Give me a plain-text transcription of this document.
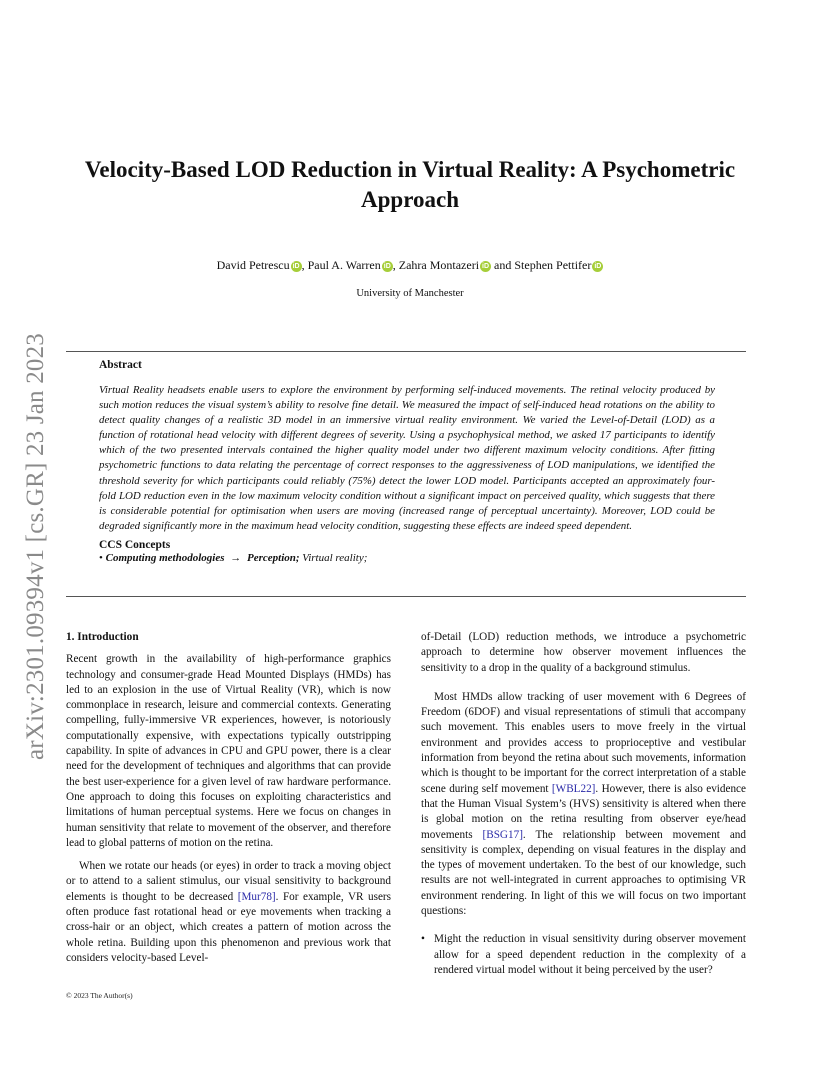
arXiv:2301.09394v1 [cs.GR] 23 Jan 2023
Velocity-Based LOD Reduction in Virtual Reality: A Psychometric Approach
David Petrescu iD , Paul A. Warren iD , Zahra Montazeri iD and Stephen Pettifer iD
University of Manchester
Abstract

Virtual Reality headsets enable users to explore the environment by performing self-induced movements. The retinal velocity produced by such motion reduces the visual system’s ability to resolve fine detail. We measured the impact of self-induced head rotations on the ability to detect quality changes of a realistic 3D model in an immersive virtual reality environment. We varied the Level-of-Detail (LOD) as a function of rotational head velocity with different degrees of severity. Using a psychophysical method, we asked 17 participants to identify which of the two presented intervals contained the higher quality model under two different maximum velocity conditions. After fitting psychometric functions to data relating the percentage of correct responses to the aggressiveness of LOD manipulations, we identified the threshold severity for which participants could reliably (75%) detect the lower LOD model. Participants accepted an approximately four-fold LOD reduction even in the low maximum velocity condition without a significant impact on perceived quality, which suggests that there is considerable potential for optimisation when users are moving (increased range of perceptual uncertainty). Moreover, LOD could be degraded significantly more in the maximum head velocity condition, suggesting these effects are indeed speed dependent.

CCS Concepts
• Computing methodologies → Perception; Virtual reality;
1. Introduction

Recent growth in the availability of high-performance graphics technology and consumer-grade Head Mounted Displays (HMDs) has led to an explosion in the use of Virtual Reality (VR), which is now commonplace in research, leisure and commercial contexts. Generating compelling, fully-immersive VR experiences, however, is notoriously computationally expensive, with expectations typically outstripping capability. In spite of advances in CPU and GPU power, there is a clear need for the development of techniques and algorithms that can provide the best user-experience for a given level of raw hardware performance. One approach to doing this focuses on exploiting characteristics and limitations of human perceptual systems. Here we focus on changes in human sensitivity that relate to movement of the observer, and therefore lead to global patterns of motion on the retina.

When we rotate our heads (or eyes) in order to track a moving object or to attend to a salient stimulus, our visual sensitivity to background elements is thought to be decreased [Mur78]. For example, VR users often produce fast rotational head or eye movements when tracking a cross-hair or an object, which creates a pattern of motion across the whole retina. Building upon this phenomenon and previous work that considers velocity-based Level-

of-Detail (LOD) reduction methods, we introduce a psychometric approach to determine how observer movement influences the sensitivity to a drop in the quality of a background stimulus.

Most HMDs allow tracking of user movement with 6 Degrees of Freedom (6DOF) and visual representations of stimuli that accompany such movement. This enables users to move freely in the virtual environment and provides access to proprioceptive and vestibular information from beyond the retina about such movements, information which is thought to be important for the correct interpretation of a stable scene during self movement [WBL22]. However, there is also evidence that the Human Visual System’s (HVS) sensitivity is altered when there is global motion on the retina resulting from observer eye/head movements [BSG17]. The relationship between movement and sensitivity is complex, depending on visual features in the display and the types of movement undertaken. To the best of our knowledge, such results are not well-integrated in current approaches to optimising VR environment rendering. In light of this we will focus on two important questions:

• Might the reduction in visual sensitivity during observer movement allow for a speed dependent reduction in the complexity of a rendered virtual model without it being perceived by the user?
© 2023 The Author(s)
